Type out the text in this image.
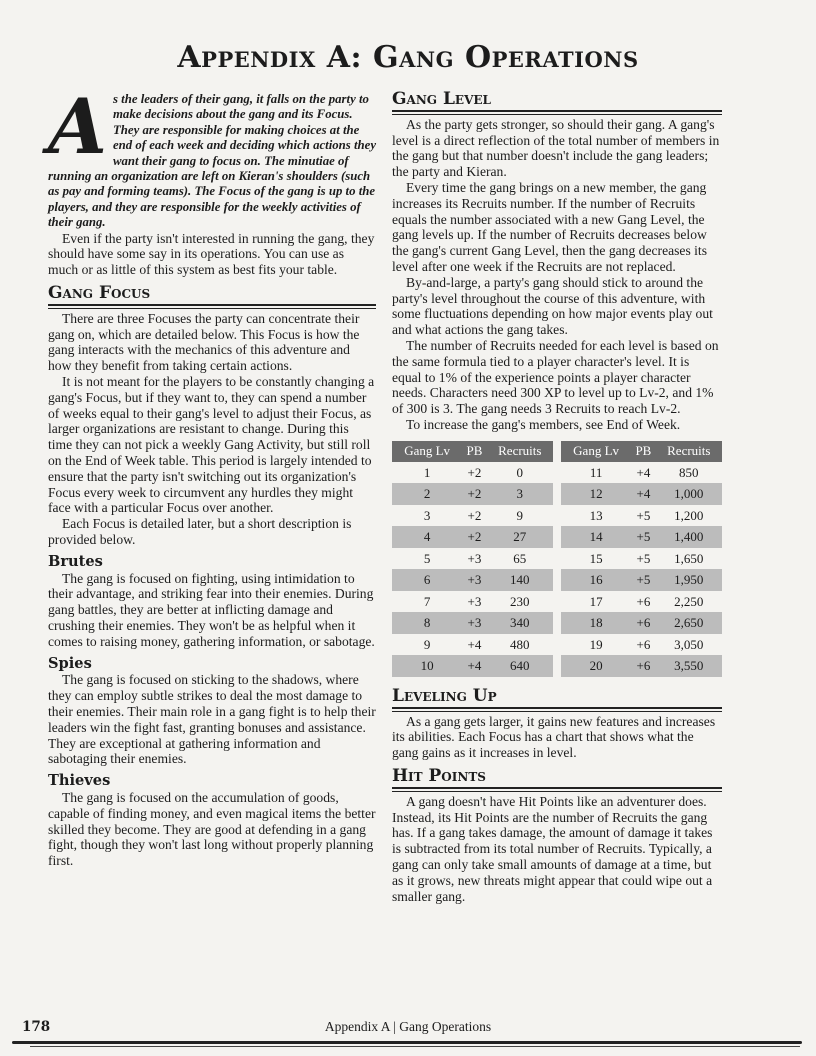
Appendix A: Gang Operations
As the leaders of their gang, it falls on the party to make decisions about the gang and its Focus. They are responsible for making choices at the end of each week and deciding which actions they want their gang to focus on. The minutiae of running an organization are left on Kieran's shoulders (such as pay and forming teams). The Focus of the gang is up to the players, and they are responsible for the weekly activities of their gang.

Even if the party isn't interested in running the gang, they should have some say in its operations. You can use as much or as little of this system as best fits your table.

Gang Focus

There are three Focuses the party can concentrate their gang on, which are detailed below. This Focus is how the gang interacts with the mechanics of this adventure and how they benefit from taking certain actions.

It is not meant for the players to be constantly changing a gang's Focus, but if they want to, they can spend a number of weeks equal to their gang's level to adjust their Focus, as larger organizations are resistant to change. During this time they can not pick a weekly Gang Activity, but still roll on the End of Week table. This period is largely intended to ensure that the party isn't switching out its organization's Focus every week to circumvent any hurdles they might face with a particular Focus over another.

Each Focus is detailed later, but a short description is provided below.

Brutes

The gang is focused on fighting, using intimidation to their advantage, and striking fear into their enemies. During gang battles, they are better at inflicting damage and crushing their enemies. They won't be as helpful when it comes to raising money, gathering information, or sabotage.

Spies

The gang is focused on sticking to the shadows, where they can employ subtle strikes to deal the most damage to their enemies. Their main role in a gang fight is to help their leaders win the fight fast, granting bonuses and assistance. They are exceptional at gathering information and sabotaging their enemies.

Thieves

The gang is focused on the accumulation of goods, capable of finding money, and even magical items the better skilled they become. They are good at defending in a gang fight, though they won't last long without properly planning first.

Gang Level

As the party gets stronger, so should their gang. A gang's level is a direct reflection of the total number of members in the gang but that number doesn't include the gang leaders; the party and Kieran.

Every time the gang brings on a new member, the gang increases its Recruits number. If the number of Recruits equals the number associated with a new Gang Level, the gang levels up. If the number of Recruits decreases below the gang's current Gang Level, then the gang decreases its level after one week if the Recruits are not replaced.

By-and-large, a party's gang should stick to around the party's level throughout the course of this adventure, with some fluctuations depending on how major events play out and what actions the gang takes.

The number of Recruits needed for each level is based on the same formula tied to a player character's level. It is equal to 1% of the experience points a player character needs. Characters need 300 XP to level up to Lv-2, and 1% of 300 is 3. The gang needs 3 Recruits to reach Lv-2.

To increase the gang's members, see End of Week.

Gang Lv	PB	Recruits		Gang Lv	PB	Recruits
1	+2	0		11	+4	850
2	+2	3		12	+4	1,000
3	+2	9		13	+5	1,200
4	+2	27		14	+5	1,400
5	+3	65		15	+5	1,650
6	+3	140		16	+5	1,950
7	+3	230		17	+6	2,250
8	+3	340		18	+6	2,650
9	+4	480		19	+6	3,050
10	+4	640		20	+6	3,550
Leveling Up

As a gang gets larger, it gains new features and increases its abilities. Each Focus has a chart that shows what the gang gains as it increases in level.

Hit Points

A gang doesn't have Hit Points like an adventurer does. Instead, its Hit Points are the number of Recruits the gang has. If a gang takes damage, the amount of damage it takes is subtracted from its total number of Recruits. Typically, a gang can only take small amounts of damage at a time, but as it grows, new threats might appear that could wipe out a smaller gang.

178	Appendix A | Gang Operations
